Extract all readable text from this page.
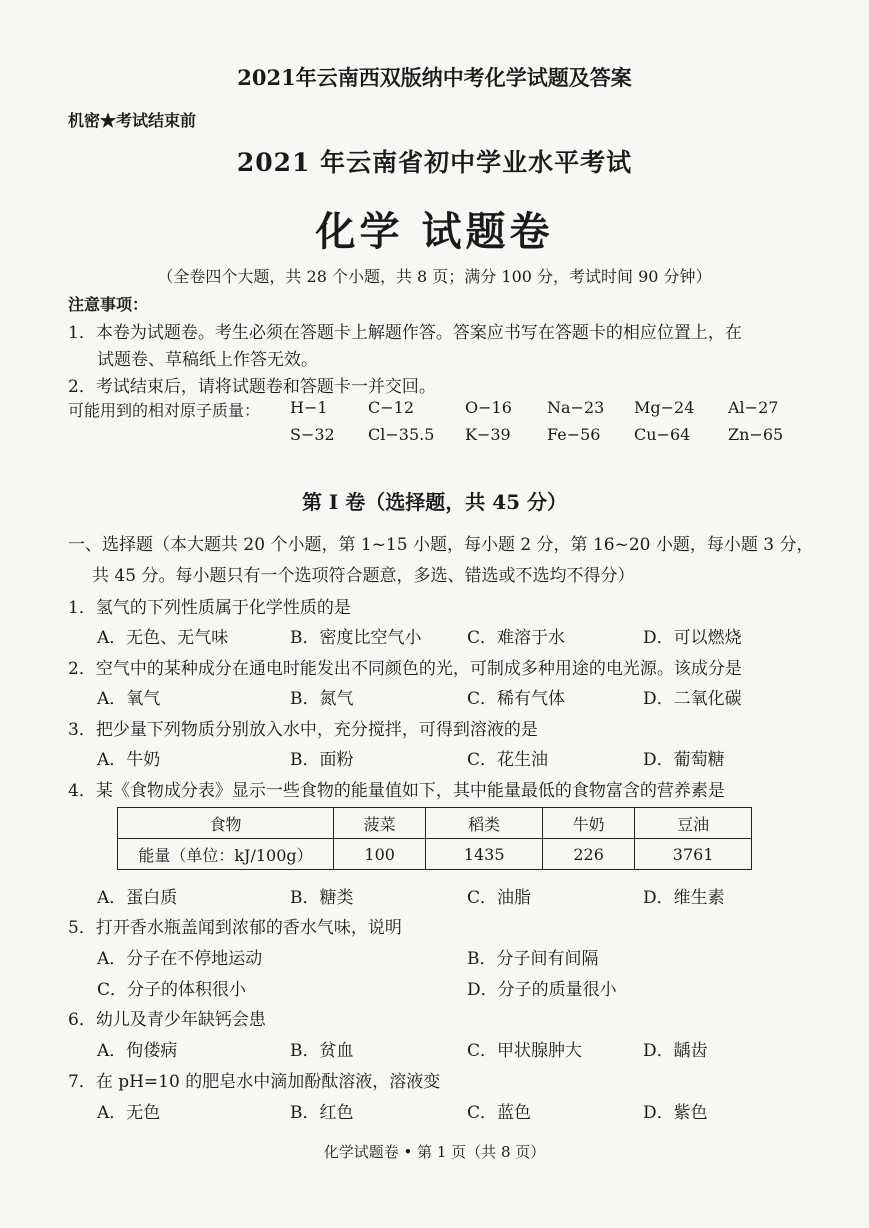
2021年云南西双版纳中考化学试题及答案
机密★考试结束前
2021 年云南省初中学业水平考试
化学 试题卷
（全卷四个大题，共 28 个小题，共 8 页；满分 100 分，考试时间 90 分钟）
注意事项：
1．本卷为试题卷。考生必须在答题卡上解题作答。答案应书写在答题卡的相应位置上，在
试题卷、草稿纸上作答无效。
2．考试结束后，请将试题卷和答题卡一并交回。
可能用到的相对原子质量： H−1	C−12	O−16 Na−23 Mg−24 Al−27
S−32 Cl−35.5 K−39 Fe−56 Cu−64 Zn−65
第 Ⅰ 卷（选择题，共 45 分）
一、选择题（本大题共 20 个小题，第 1~15 小题，每小题 2 分，第 16~20 小题，每小题 3 分，
共 45 分。每小题只有一个选项符合题意，多选、错选或不选均不得分）
1．氢气的下列性质属于化学性质的是
A．无色、无气味	B．密度比空气小	C．难溶于水	D．可以燃烧
2．空气中的某种成分在通电时能发出不同颜色的光，可制成多种用途的电光源。该成分是
A．氧气	B．氮气	C．稀有气体	D．二氧化碳
3．把少量下列物质分别放入水中，充分搅拌，可得到溶液的是
A．牛奶	B．面粉	C．花生油	D．葡萄糖
4．某《食物成分表》显示一些食物的能量值如下，其中能量最低的食物富含的营养素是
食物	菠菜	稻类	牛奶	豆油
能量（单位：kJ/100g）	100	1435	226	3761
A．蛋白质	B．糖类	C．油脂	D．维生素
5．打开香水瓶盖闻到浓郁的香水气味，说明
A．分子在不停地运动	B．分子间有间隔
C．分子的体积很小	D．分子的质量很小
6．幼儿及青少年缺钙会患
A．佝偻病	B．贫血	C．甲状腺肿大	D．龋齿
7．在 pH=10 的肥皂水中滴加酚酞溶液，溶液变
A．无色	B．红色	C．蓝色	D．紫色
化学试题卷 • 第 1 页（共 8 页）
